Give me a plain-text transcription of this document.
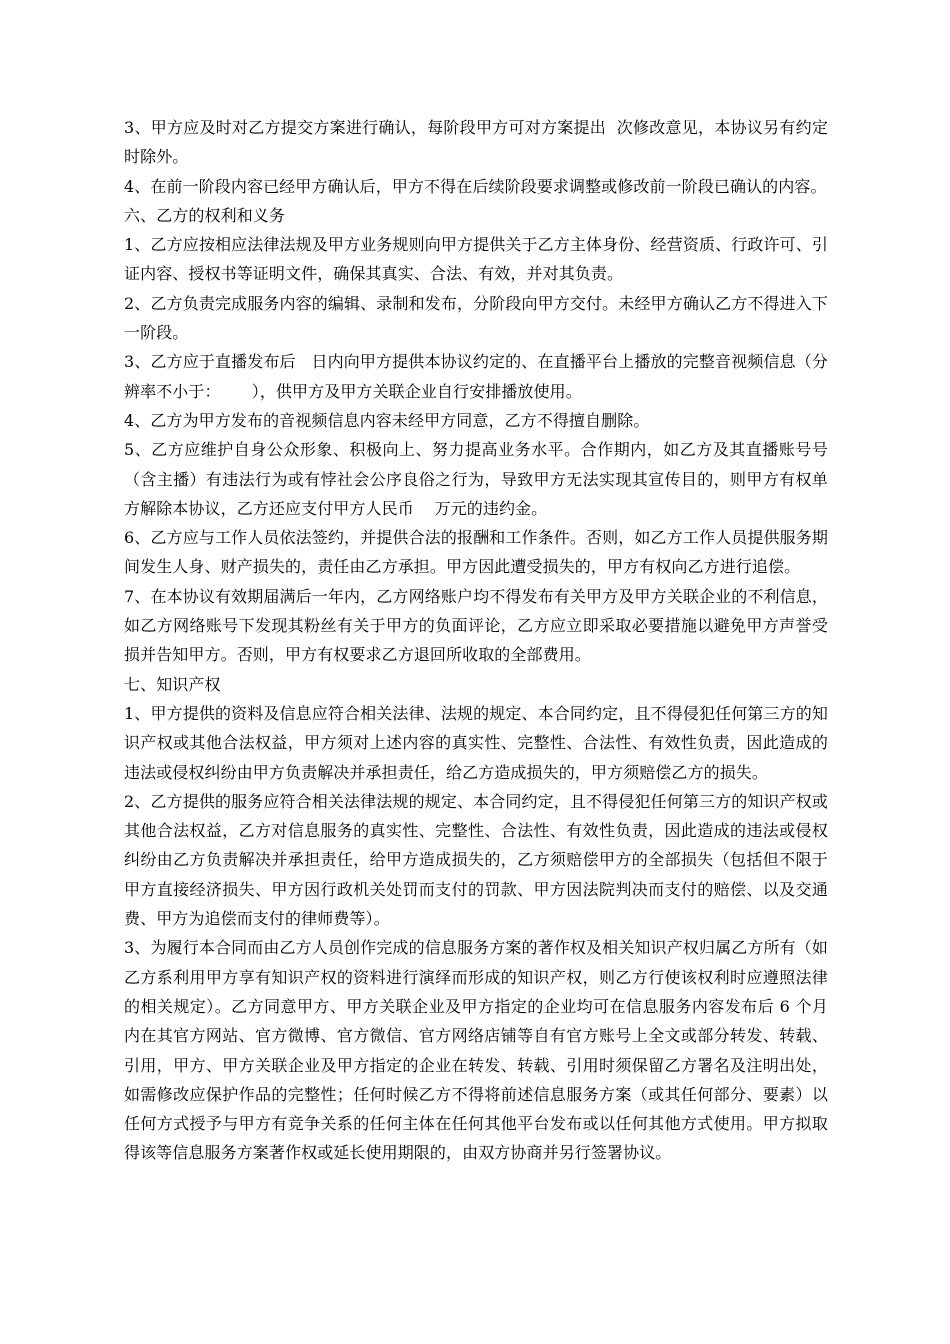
3、甲方应及时对乙方提交方案进行确认，每阶段甲方可对方案提出  次修改意见，本协议另有约定时除外。

4、在前一阶段内容已经甲方确认后，甲方不得在后续阶段要求调整或修改前一阶段已确认的内容。

六、乙方的权利和义务

1、乙方应按相应法律法规及甲方业务规则向甲方提供关于乙方主体身份、经营资质、行政许可、引证内容、授权书等证明文件，确保其真实、合法、有效，并对其负责。

2、乙方负责完成服务内容的编辑、录制和发布，分阶段向甲方交付。未经甲方确认乙方不得进入下一阶段。

3、乙方应于直播发布后   日内向甲方提供本协议约定的、在直播平台上播放的完整音视频信息（分辨率不小于：      ），供甲方及甲方关联企业自行安排播放使用。

4、乙方为甲方发布的音视频信息内容未经甲方同意，乙方不得擅自删除。

5、乙方应维护自身公众形象、积极向上、努力提高业务水平。合作期内，如乙方及其直播账号号（含主播）有违法行为或有悖社会公序良俗之行为，导致甲方无法实现其宣传目的，则甲方有权单方解除本协议，乙方还应支付甲方人民币    万元的违约金。

6、乙方应与工作人员依法签约，并提供合法的报酬和工作条件。否则，如乙方工作人员提供服务期间发生人身、财产损失的，责任由乙方承担。甲方因此遭受损失的，甲方有权向乙方进行追偿。

7、在本协议有效期届满后一年内，乙方网络账户均不得发布有关甲方及甲方关联企业的不利信息，如乙方网络账号下发现其粉丝有关于甲方的负面评论，乙方应立即采取必要措施以避免甲方声誉受损并告知甲方。否则，甲方有权要求乙方退回所收取的全部费用。

七、知识产权

1、甲方提供的资料及信息应符合相关法律、法规的规定、本合同约定，且不得侵犯任何第三方的知识产权或其他合法权益，甲方须对上述内容的真实性、完整性、合法性、有效性负责，因此造成的违法或侵权纠纷由甲方负责解决并承担责任，给乙方造成损失的，甲方须赔偿乙方的损失。

2、乙方提供的服务应符合相关法律法规的规定、本合同约定，且不得侵犯任何第三方的知识产权或其他合法权益，乙方对信息服务的真实性、完整性、合法性、有效性负责，因此造成的违法或侵权纠纷由乙方负责解决并承担责任，给甲方造成损失的，乙方须赔偿甲方的全部损失（包括但不限于甲方直接经济损失、甲方因行政机关处罚而支付的罚款、甲方因法院判决而支付的赔偿、以及交通费、甲方为追偿而支付的律师费等）。

3、为履行本合同而由乙方人员创作完成的信息服务方案的著作权及相关知识产权归属乙方所有（如乙方系利用甲方享有知识产权的资料进行演绎而形成的知识产权，则乙方行使该权利时应遵照法律的相关规定）。乙方同意甲方、甲方关联企业及甲方指定的企业均可在信息服务内容发布后 6 个月内在其官方网站、官方微博、官方微信、官方网络店铺等自有官方账号上全文或部分转发、转载、引用，甲方、甲方关联企业及甲方指定的企业在转发、转载、引用时须保留乙方署名及注明出处，如需修改应保护作品的完整性；任何时候乙方不得将前述信息服务方案（或其任何部分、要素）以任何方式授予与甲方有竞争关系的任何主体在任何其他平台发布或以任何其他方式使用。甲方拟取得该等信息服务方案著作权或延长使用期限的，由双方协商并另行签署协议。
